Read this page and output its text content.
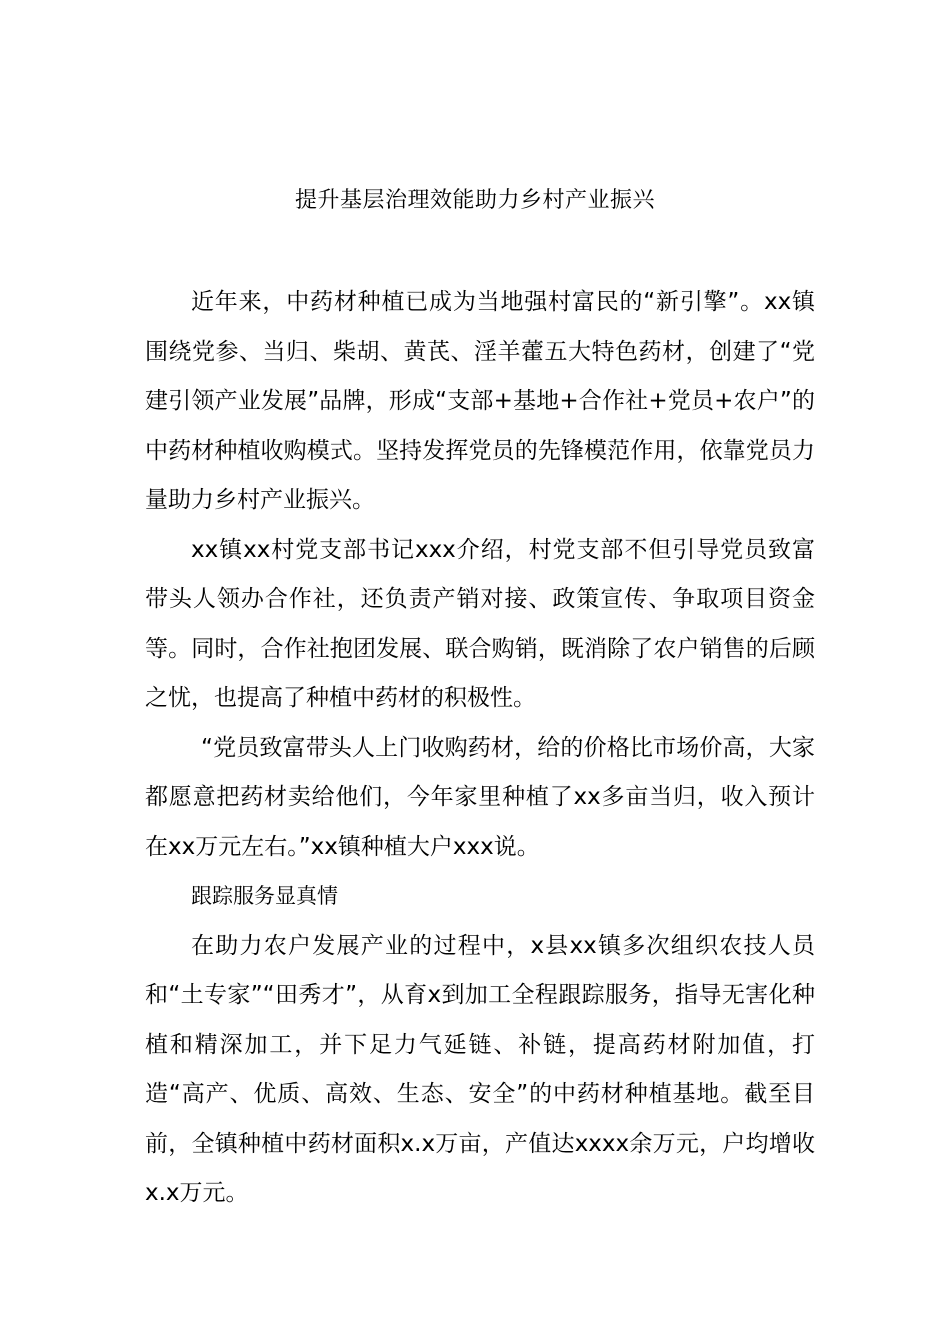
提升基层治理效能助力乡村产业振兴

近年来，中药材种植已成为当地强村富民的“新引擎”。xx镇围绕党参、当归、柴胡、黄芪、淫羊藿五大特色药材，创建了“党建引领产业发展”品牌，形成“支部+基地+合作社+党员+农户”的中药材种植收购模式。坚持发挥党员的先锋模范作用，依靠党员力量助力乡村产业振兴。

xx镇xx村党支部书记xxx介绍，村党支部不但引导党员致富带头人领办合作社，还负责产销对接、政策宣传、争取项目资金等。同时，合作社抱团发展、联合购销，既消除了农户销售的后顾之忧，也提高了种植中药材的积极性。

“党员致富带头人上门收购药材，给的价格比市场价高，大家都愿意把药材卖给他们，今年家里种植了xx多亩当归，收入预计在xx万元左右。”xx镇种植大户xxx说。

跟踪服务显真情

在助力农户发展产业的过程中，x县xx镇多次组织农技人员和“土专家”“田秀才”，从育x到加工全程跟踪服务，指导无害化种植和精深加工，并下足力气延链、补链，提高药材附加值，打造“高产、优质、高效、生态、安全”的中药材种植基地。截至目前，全镇种植中药材面积x.x万亩，产值达xxxx余万元，户均增收x.x万元。
